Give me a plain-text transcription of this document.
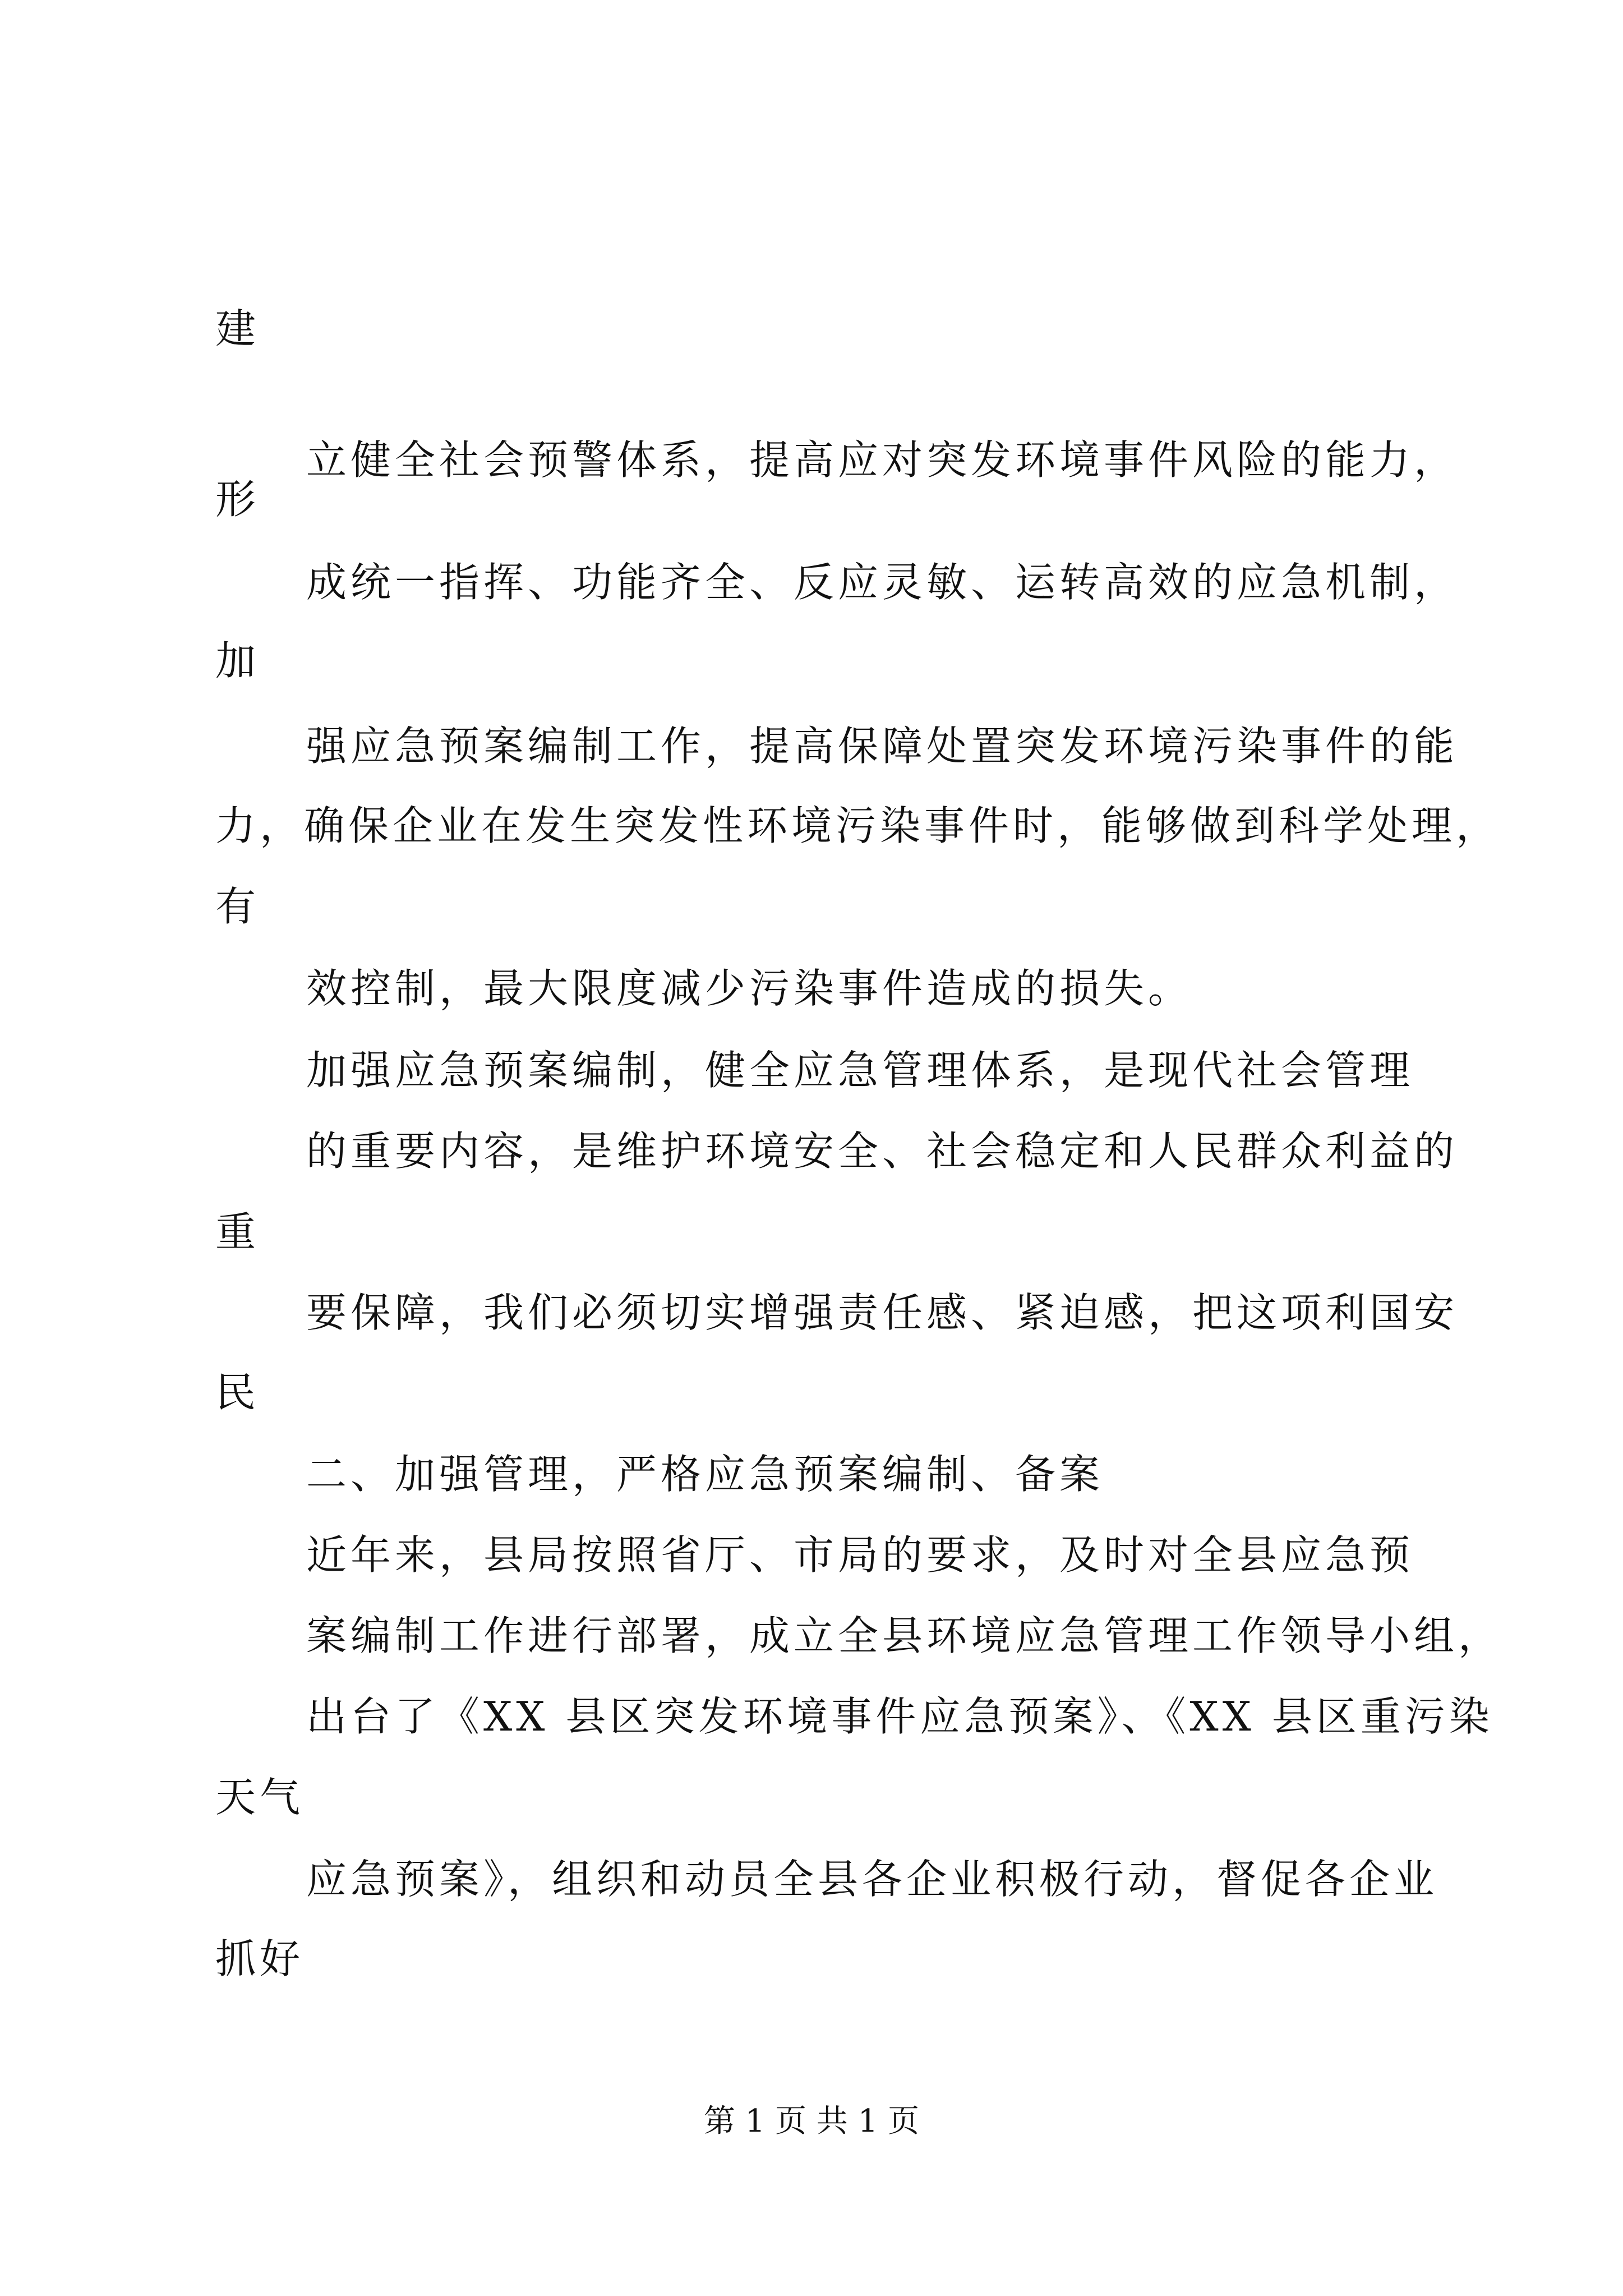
建
立健全社会预警体系，提高应对突发环境事件风险的能力，
形
成统一指挥、功能齐全、反应灵敏、运转高效的应急机制，
加
强应急预案编制工作，提高保障处置突发环境污染事件的能
力，确保企业在发生突发性环境污染事件时，能够做到科学处理，
有
效控制，最大限度减少污染事件造成的损失。
加强应急预案编制，健全应急管理体系，是现代社会管理
的重要内容，是维护环境安全、社会稳定和人民群众利益的
重
要保障，我们必须切实增强责任感、紧迫感，把这项利国安
民
二、加强管理，严格应急预案编制、备案
近年来，县局按照省厅、市局的要求，及时对全县应急预
案编制工作进行部署，成立全县环境应急管理工作领导小组，
出台了《XX 县区突发环境事件应急预案》、《XX 县区重污染
天气
应急预案》，组织和动员全县各企业积极行动，督促各企业
抓好
第 1 页 共 1 页
